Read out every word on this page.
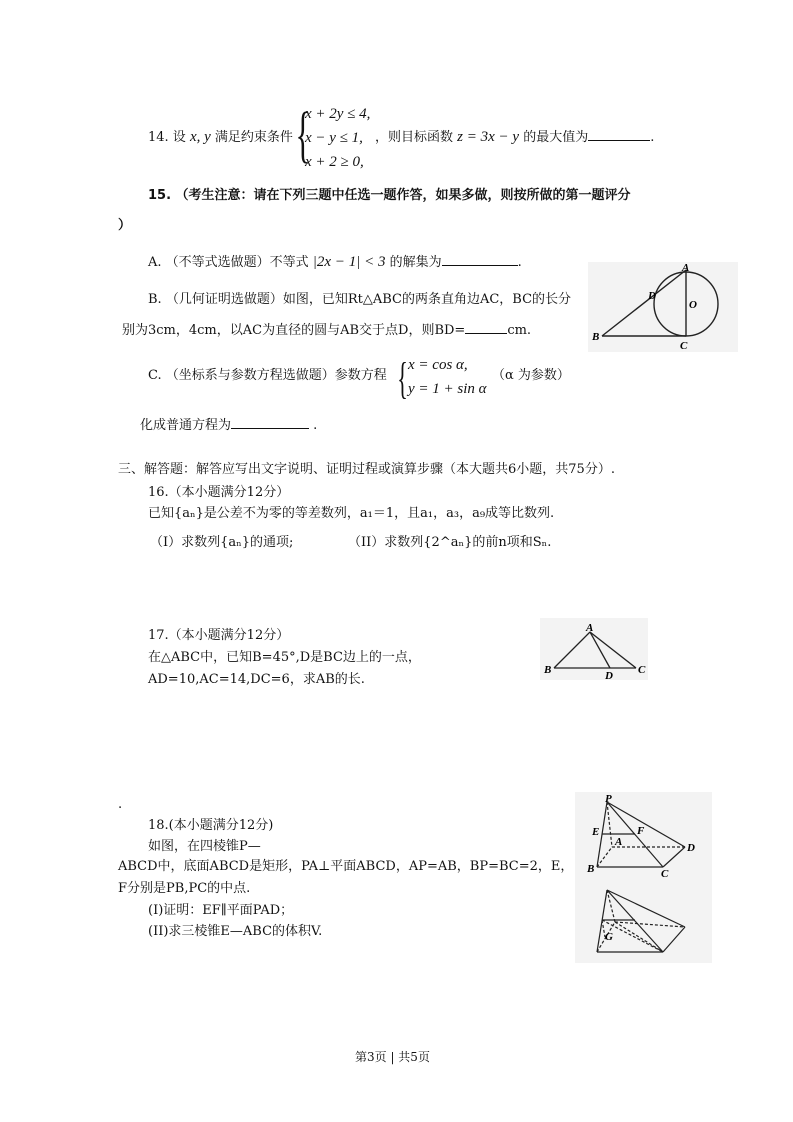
14. 设 x, y 满足约束条件 {
x + 2y ≤ 4,
x − y ≤ 1,
x + 2 ≥ 0,
，则目标函数 z = 3x − y 的最大值为	.
15. （考生注意：请在下列三题中任选一题作答，如果多做，则按所做的第一题评分
）
A. （不等式选做题）不等式 |2x − 1| < 3 的解集为	.
B. （几何证明选做题）如图，已知Rt△ABC的两条直角边AC，BC的长分
别为3cm，4cm，以AC为直径的圆与AB交于点D，则BD=	cm.
A
B
C
D
O
C. （坐标系与参数方程选做题）参数方程 { x = cos α,
y = 1 + sin α
（α 为参数）
化成普通方程为	.
三、解答题：解答应写出文字说明、证明过程或演算步骤（本大题共6小题，共75分）.
16.（本小题满分12分）
已知{aₙ}是公差不为零的等差数列，a₁＝1，且a₁，a₃，a₉成等比数列.
（I）求数列{aₙ}的通项;	（II）求数列{2^aₙ}的前n项和Sₙ.
17.（本小题满分12分）
在△ABC中，已知B=45°,D是BC边上的一点，
AD=10,AC=14,DC=6，求AB的长.
A
B	C
D
.
18.(本小题满分12分)
如图，在四棱锥P—
ABCD中，底面ABCD是矩形，PA⊥平面ABCD，AP=AB，BP=BC=2，E，
F分别是PB,PC的中点.
(I)证明：EF∥平面PAD；
(II)求三棱锥E—ABC的体积V.
P
E	F
A
B	C
D
G
第3页 | 共5页
